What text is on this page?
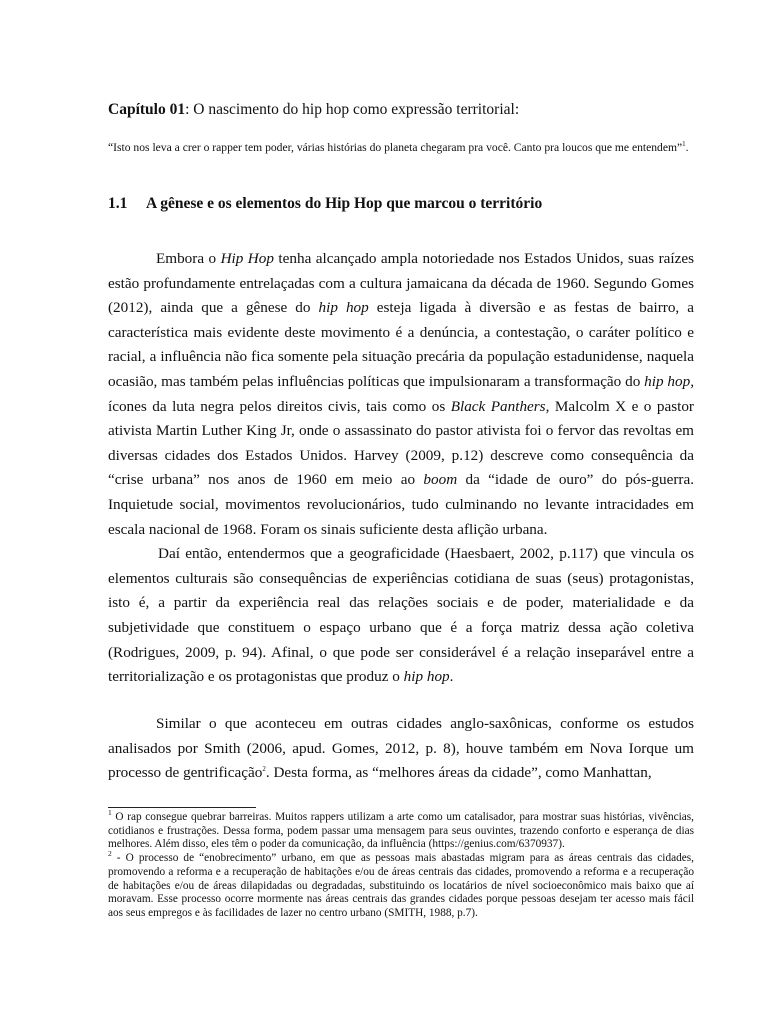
Capítulo 01: O nascimento do hip hop como expressão territorial:
“Isto nos leva a crer o rapper tem poder, várias histórias do planeta chegaram pra você. Canto pra loucos que me entendem”$^1$.
1.1 A gênese e os elementos do Hip Hop que marcou o território

Embora o Hip Hop tenha alcançado ampla notoriedade nos Estados Unidos, suas raízes estão profundamente entrelaçadas com a cultura jamaicana da década de 1960. Segundo Gomes (2012), ainda que a gênese do hip hop esteja ligada à diversão e as festas de bairro, a característica mais evidente deste movimento é a denúncia, a contestação, o caráter político e racial, a influência não fica somente pela situação precária da população estadunidense, naquela ocasião, mas também pelas influências políticas que impulsionaram a transformação do hip hop, ícones da luta negra pelos direitos civis, tais como os Black Panthers, Malcolm X e o pastor ativista Martin Luther King Jr, onde o assassinato do pastor ativista foi o fervor das revoltas em diversas cidades dos Estados Unidos. Harvey (2009, p.12) descreve como consequência da “crise urbana” nos anos de 1960 em meio ao boom da “idade de ouro” do pós-guerra. Inquietude social, movimentos revolucionários, tudo culminando no levante intracidades em escala nacional de 1968. Foram os sinais suficiente desta aflição urbana.

Daí então, entendermos que a geograficidade (Haesbaert, 2002, p.117) que vincula os elementos culturais são consequências de experiências cotidiana de suas (seus) protagonistas, isto é, a partir da experiência real das relações sociais e de poder, materialidade e da subjetividade que constituem o espaço urbano que é a força matriz dessa ação coletiva (Rodrigues, 2009, p. 94). Afinal, o que pode ser considerável é a relação inseparável entre a territorialização e os protagonistas que produz o hip hop.

Similar o que aconteceu em outras cidades anglo-saxônicas, conforme os estudos analisados por Smith (2006, apud. Gomes, 2012, p. 8), houve também em Nova Iorque um processo de gentrificação$^2$. Desta forma, as “melhores áreas da cidade”, como Manhattan,

$^1$ O rap consegue quebrar barreiras. Muitos rappers utilizam a arte como um catalisador, para mostrar suas histórias, vivências, cotidianos e frustrações. Dessa forma, podem passar uma mensagem para seus ouvintes, trazendo conforto e esperança de dias melhores. Além disso, eles têm o poder da comunicação, da influência (https://genius.com/6370937).

$^2$ - O processo de “enobrecimento” urbano, em que as pessoas mais abastadas migram para as áreas centrais das cidades, promovendo a reforma e a recuperação de habitações e/ou de áreas centrais das cidades, promovendo a reforma e a recuperação de habitações e/ou de áreas dilapidadas ou degradadas, substituindo os locatários de nível socioeconômico mais baixo que aí moravam. Esse processo ocorre mormente nas áreas centrais das grandes cidades porque pessoas desejam ter acesso mais fácil aos seus empregos e às facilidades de lazer no centro urbano (SMITH, 1988, p.7).
